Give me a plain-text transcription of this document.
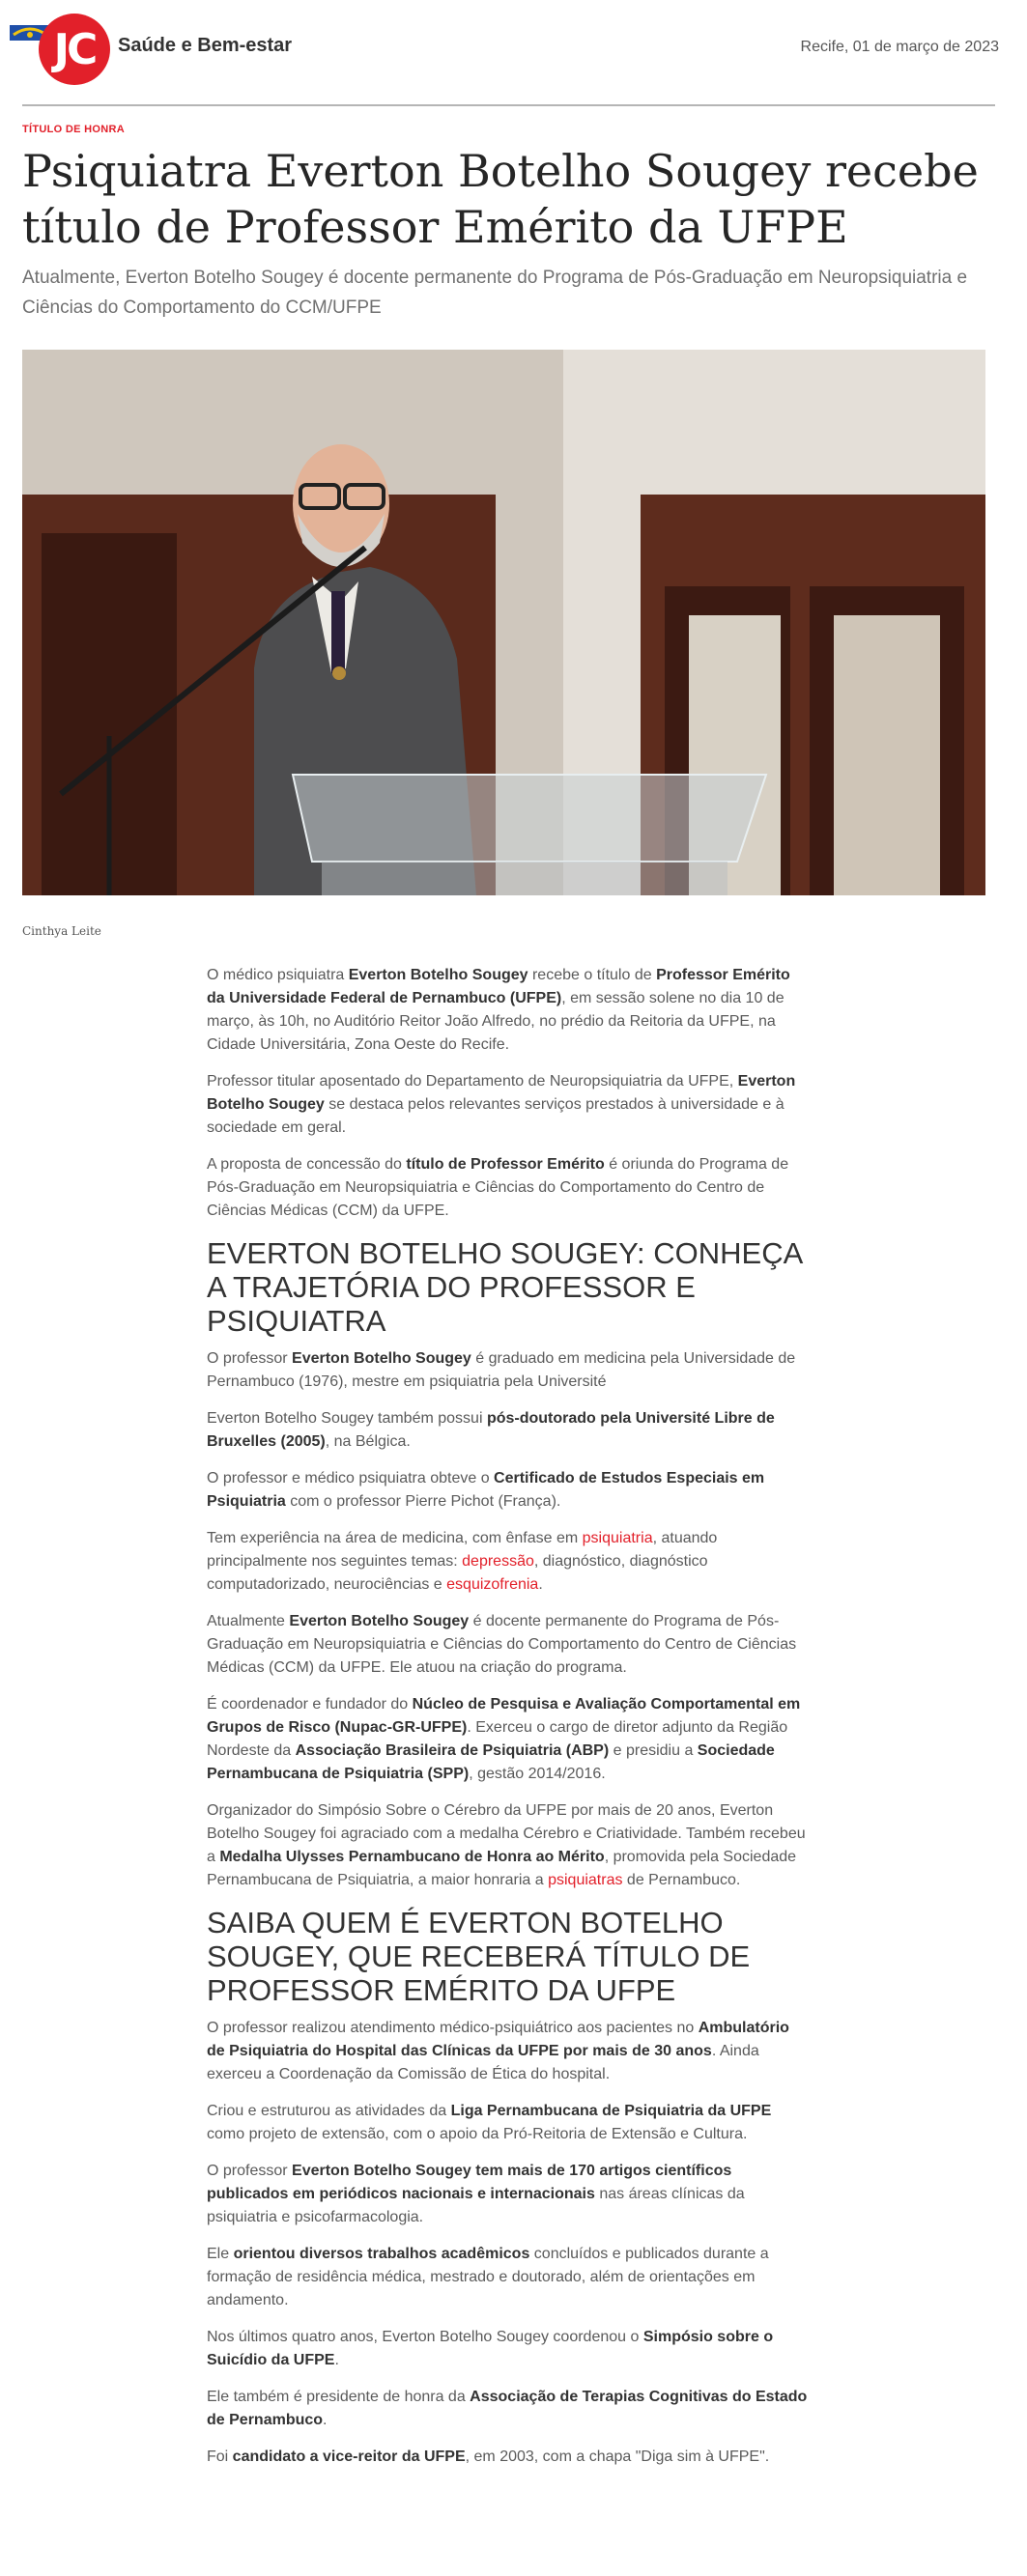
JC	Saúde e Bem-estar	Recife, 01 de março de 2023
TÍTULO DE HONRA
Psiquiatra Everton Botelho Sougey recebe título de Professor Emérito da UFPE
Atualmente, Everton Botelho Sougey é docente permanente do Programa de Pós-Graduação em Neuropsiquiatria e Ciências do Comportamento do CCM/UFPE
Cinthya Leite

O médico psiquiatra Everton Botelho Sougey recebe o título de Professor Emérito da Universidade Federal de Pernambuco (UFPE), em sessão solene no dia 10 de março, às 10h, no Auditório Reitor João Alfredo, no prédio da Reitoria da UFPE, na Cidade Universitária, Zona Oeste do Recife.

Professor titular aposentado do Departamento de Neuropsiquiatria da UFPE, Everton Botelho Sougey se destaca pelos relevantes serviços prestados à universidade e à sociedade em geral.

A proposta de concessão do título de Professor Emérito é oriunda do Programa de Pós-Graduação em Neuropsiquiatria e Ciências do Comportamento do Centro de Ciências Médicas (CCM) da UFPE.

EVERTON BOTELHO SOUGEY: CONHEÇA A TRAJETÓRIA DO PROFESSOR E PSIQUIATRA

O professor Everton Botelho Sougey é graduado em medicina pela Universidade de Pernambuco (1976), mestre em psiquiatria pela Université

Everton Botelho Sougey também possui pós-doutorado pela Université Libre de Bruxelles (2005), na Bélgica.

O professor e médico psiquiatra obteve o Certificado de Estudos Especiais em Psiquiatria com o professor Pierre Pichot (França).

Tem experiência na área de medicina, com ênfase em psiquiatria, atuando principalmente nos seguintes temas: depressão, diagnóstico, diagnóstico computadorizado, neurociências e esquizofrenia.

Atualmente Everton Botelho Sougey é docente permanente do Programa de Pós-Graduação em Neuropsiquiatria e Ciências do Comportamento do Centro de Ciências Médicas (CCM) da UFPE. Ele atuou na criação do programa.

É coordenador e fundador do Núcleo de Pesquisa e Avaliação Comportamental em Grupos de Risco (Nupac-GR-UFPE). Exerceu o cargo de diretor adjunto da Região Nordeste da Associação Brasileira de Psiquiatria (ABP) e presidiu a Sociedade Pernambucana de Psiquiatria (SPP), gestão 2014/2016.

Organizador do Simpósio Sobre o Cérebro da UFPE por mais de 20 anos, Everton Botelho Sougey foi agraciado com a medalha Cérebro e Criatividade. Também recebeu a Medalha Ulysses Pernambucano de Honra ao Mérito, promovida pela Sociedade Pernambucana de Psiquiatria, a maior honraria a psiquiatras de Pernambuco.

SAIBA QUEM É EVERTON BOTELHO SOUGEY, QUE RECEBERÁ TÍTULO DE PROFESSOR EMÉRITO DA UFPE

O professor realizou atendimento médico-psiquiátrico aos pacientes no Ambulatório de Psiquiatria do Hospital das Clínicas da UFPE por mais de 30 anos. Ainda exerceu a Coordenação da Comissão de Ética do hospital.

Criou e estruturou as atividades da Liga Pernambucana de Psiquiatria da UFPE como projeto de extensão, com o apoio da Pró-Reitoria de Extensão e Cultura.

O professor Everton Botelho Sougey tem mais de 170 artigos científicos publicados em periódicos nacionais e internacionais nas áreas clínicas da psiquiatria e psicofarmacologia.

Ele orientou diversos trabalhos acadêmicos concluídos e publicados durante a formação de residência médica, mestrado e doutorado, além de orientações em andamento.

Nos últimos quatro anos, Everton Botelho Sougey coordenou o Simpósio sobre o Suicídio da UFPE.

Ele também é presidente de honra da Associação de Terapias Cognitivas do Estado de Pernambuco.

Foi candidato a vice-reitor da UFPE, em 2003, com a chapa "Diga sim à UFPE".
